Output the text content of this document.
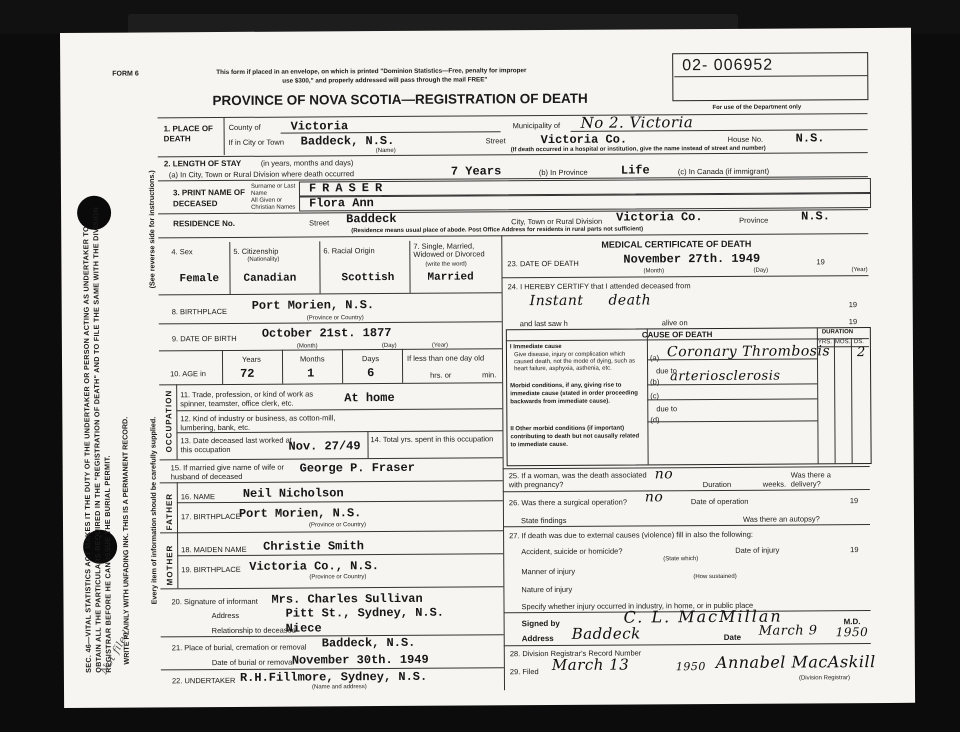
SEC. 46—VITAL STATISTICS ACT MAKES IT THE DUTY OF THE UNDERTAKER OR PERSON ACTING AS UNDERTAKER TO OBTAIN ALL THE PARTICULARS REQUIRED IN THE "REGISTRATION OF DEATH" AND TO FILE THE SAME WITH THE DIVISION REGISTRAR BEFORE HE CAN ISSUE THE BURIAL PERMIT. WRITE PLAINLY WITH UNFADING INK. THIS IS A PERMANENT RECORD. Every item of information should be carefully supplied.
(See reverse side for instructions.)
Not filed
FORM 6	This form if placed in an envelope, on which is printed "Dominion Statistics—Free, penalty for improper
use $300," and properly addressed will pass through the mail FREE"
PROVINCE OF NOVA SCOTIA—REGISTRATION OF DEATH
02- 006952
For use of the Department only
1. PLACE OF DEATH
County of Victoria	Municipality of No 2. Victoria
If in City or Town Baddeck, N.S.
(Name)
Street	Victoria Co.	House No.	N.S.
(If death occurred in a hospital or institution, give the name instead of street and number)
2. LENGTH OF STAY	(in years, months and days)
(a) In City, Town or Rural Division where death occurred	7 Years	(b) In Province	Life	(c) In Canada (if immigrant)
3. PRINT NAME OF DECEASED
Surname or Last Name
All Given or Christian Names
FRASER
Flora Ann
RESIDENCE No.	Street Baddeck	City, Town or Rural Division Victoria Co.	Province	N.S.
(Residence means usual place of abode. Post Office Address for residents in rural parts not sufficient)
4. Sex
Female
5. Citizenship
(Nationality)
Canadian
6. Racial Origin
Scottish
7. Single, Married, Widowed or Divorced
(write the word)
Married
8. BIRTHPLACE Port Morien, N.S.
(Province or Country)
9. DATE OF BIRTH October 21st. 1877
(Month)	(Day)	(Year)
10. AGE in
Years
72
Months
1
Days
6
If less than one day old
hrs. or	min.
OCCUPATION 11. Trade, profession, or kind of work as spinner, teamster, office clerk, etc.	At home
12. Kind of industry or business, as cotton-mill, lumbering, bank, etc.
13. Date deceased last worked at this occupation	Nov. 27/49 14. Total yrs. spent in this occupation
15. If married give name of wife or husband of deceased
George P. Fraser
FATHER
MOTHER
16. NAME Neil Nicholson
17. BIRTHPLACE
Port Morien, N.S.
(Province or Country)
18. MAIDEN NAME Christie Smith
19. BIRTHPLACE Victoria Co., N.S.
(Province or Country)
20. Signature of informant Mrs. Charles Sullivan
Address	Pitt St., Sydney, N.S.
Relationship to deceased
Niece
21. Place of burial, cremation or removal Baddeck, N.S.
Date of burial or removal
November 30th. 1949
22. UNDERTAKER R.H.Fillmore, Sydney, N.S.
(Name and address)
MEDICAL CERTIFICATE OF DEATH
23. DATE OF DEATH	November 27th. 1949	19
(Month)	(Day)	(Year)
24. I HEREBY CERTIFY that I attended deceased from
Instant death	19
and last saw h	alive on	19
CAUSE OF DEATH	DURATION
YRS. MOS. DS.
I Immediate cause
Give disease, injury or complication which caused death, not the mode of dying, such as heart failure, asphyxia, asthenia, etc.
(a) Coronary Thrombosis 2
due to
(b) arteriosclerosis
Morbid conditions, if any, giving rise to immediate cause (stated in order proceeding backwards from immediate cause).
(c)
due to
(d)
II Other morbid conditions (if important) contributing to death but not causally related to immediate cause.
25. If a woman, was the death associated with pregnancy?
no
Duration	weeks.
Was there a delivery?
26. Was there a surgical operation? no	Date of operation	19
State findings	Was there an autopsy?
27. If death was due to external causes (violence) fill in also the following:
Accident, suicide or homicide?	Date of injury	19
(State which)
Manner of injury
(How sustained)
Nature of injury
Specify whether injury occurred in industry, in home, or in public place
Signed by	C. L. MacMillan	M.D.
Address Baddeck	Date March 9 1950
28. Division Registrar's Record Number
29. Filed March 13	1950 Annabel MacAskill
(Division Registrar)
